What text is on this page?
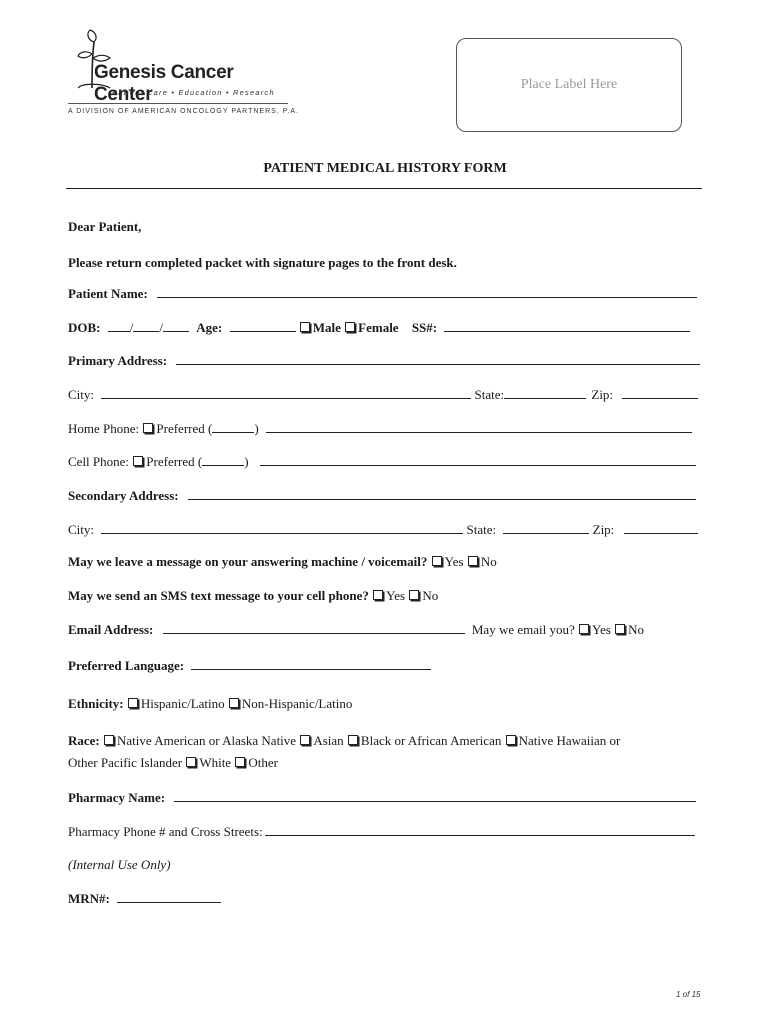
Genesis Cancer Center
Patient Care • Education • Research
A DIVISION OF AMERICAN ONCOLOGY PARTNERS, P.A.
Place Label Here
PATIENT MEDICAL HISTORY FORM
Dear Patient,
Please return completed packet with signature pages to the front desk.
Patient Name:
DOB: / /	Age:	Male Female SS#:
Primary Address:
City:	State:	Zip:
Home Phone: Preferred (	)
Cell Phone: Preferred (	)
Secondary Address:
City:	State:	Zip:
May we leave a message on your answering machine / voicemail? Yes No
May we send an SMS text message to your cell phone? Yes No
Email Address:	May we email you? Yes No
Preferred Language:
Ethnicity: Hispanic/Latino Non-Hispanic/Latino
Race: Native American or Alaska Native Asian Black or African American Native Hawaiian or
Other Pacific Islander White Other
Pharmacy Name:
Pharmacy Phone # and Cross Streets:
(Internal Use Only)
MRN#:
1 of 15
